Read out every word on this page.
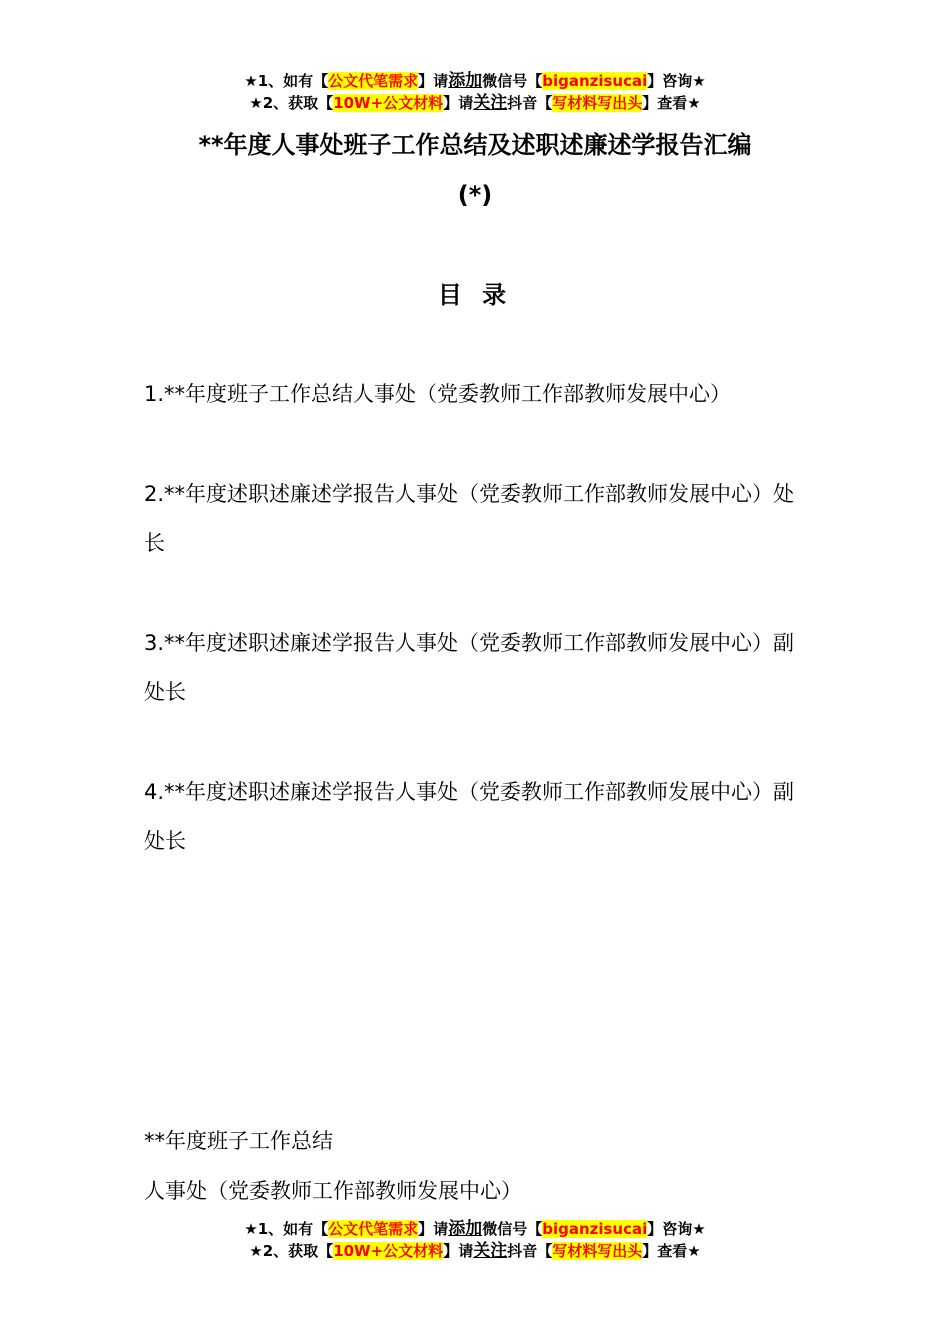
★1、如有【公文代笔需求】请添加微信号【biganzisucai】咨询★
★2、获取【10W+公文材料】请关注抖音【写材料写出头】查看★
**年度人事处班子工作总结及述职述廉述学报告汇编
(*)
目 录
1.**年度班子工作总结人事处（党委教师工作部教师发展中心）
2.**年度述职述廉述学报告人事处（党委教师工作部教师发展中心）处长
3.**年度述职述廉述学报告人事处（党委教师工作部教师发展中心）副处长
4.**年度述职述廉述学报告人事处（党委教师工作部教师发展中心）副处长
**年度班子工作总结
人事处（党委教师工作部教师发展中心）
★1、如有【公文代笔需求】请添加微信号【biganzisucai】咨询★
★2、获取【10W+公文材料】请关注抖音【写材料写出头】查看★
